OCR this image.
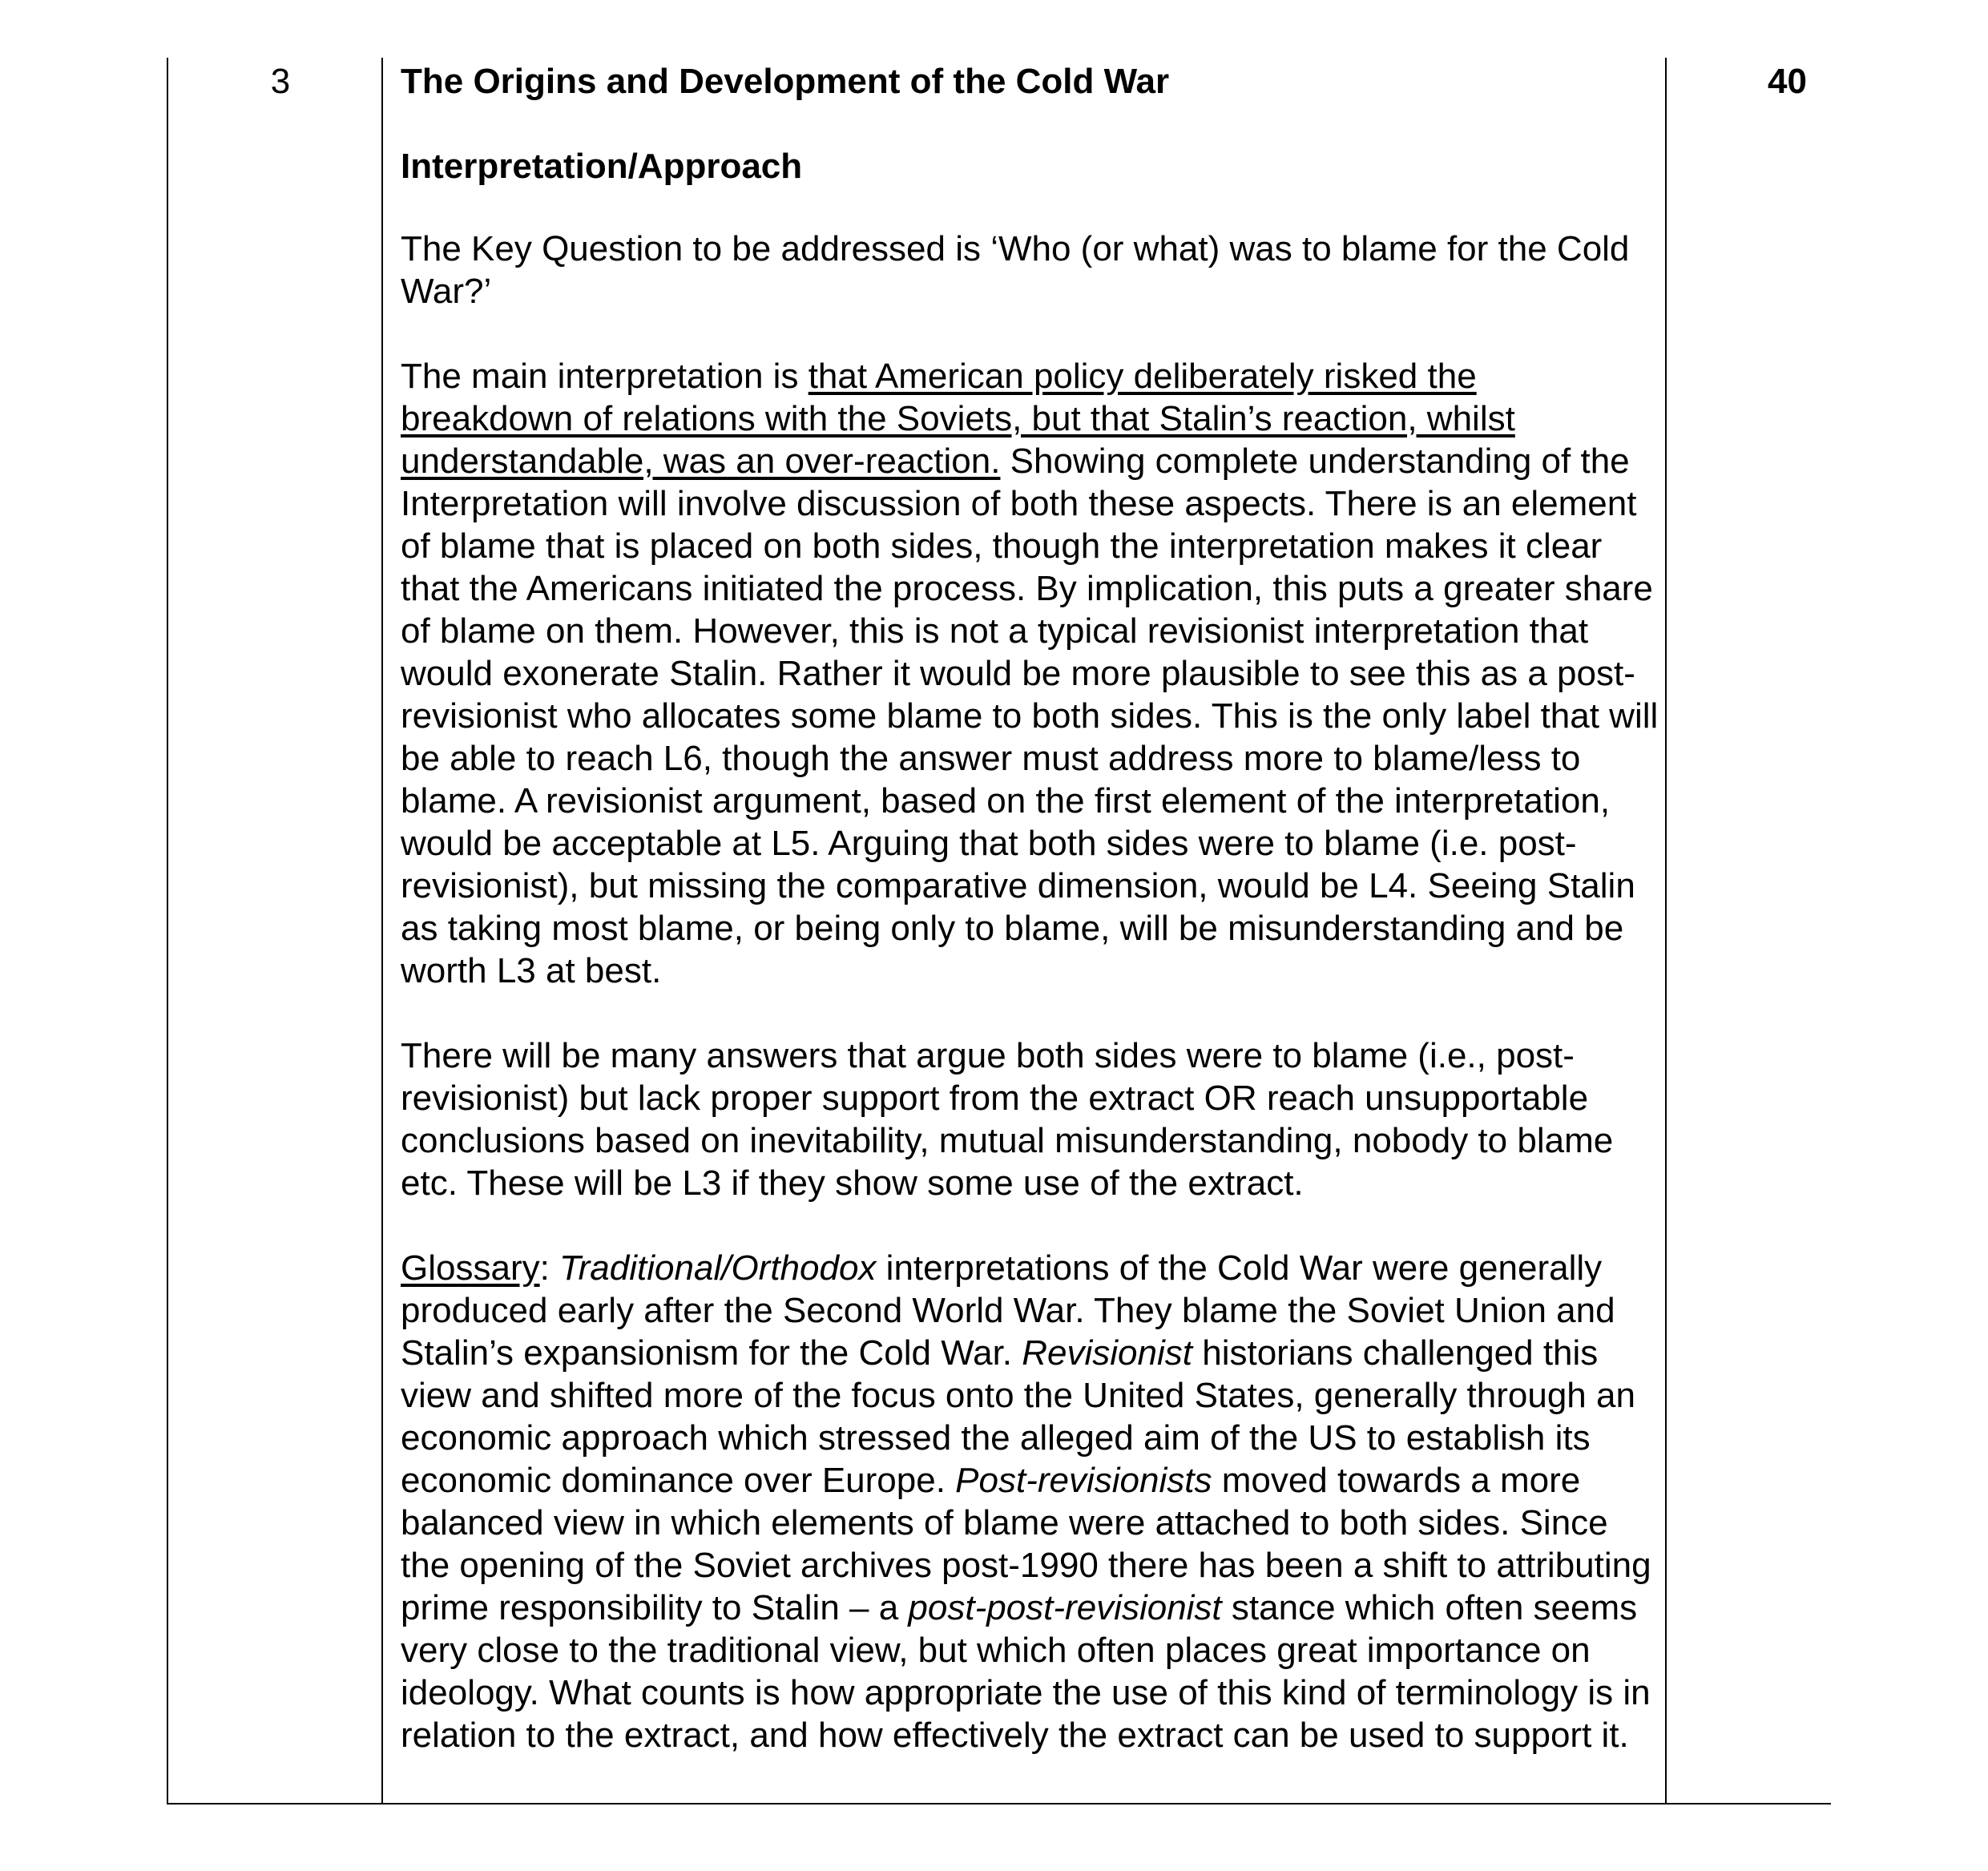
3	The Origins and Development of the Cold War
Interpretation/Approach

The Key Question to be addressed is ‘Who (or what) was to blame for the Cold War?’

The main interpretation is that American policy deliberately risked the breakdown of relations with the Soviets, but that Stalin’s reaction, whilst understandable, was an over-reaction. Showing complete understanding of the Interpretation will involve discussion of both these aspects. There is an element of blame that is placed on both sides, though the interpretation makes it clear that the Americans initiated the process. By implication, this puts a greater share of blame on them. However, this is not a typical revisionist interpretation that would exonerate Stalin. Rather it would be more plausible to see this as a post-revisionist who allocates some blame to both sides. This is the only label that will be able to reach L6, though the answer must address more to blame/less to blame. A revisionist argument, based on the first element of the interpretation, would be acceptable at L5. Arguing that both sides were to blame (i.e. post-revisionist), but missing the comparative dimension, would be L4. Seeing Stalin as taking most blame, or being only to blame, will be misunderstanding and be worth L3 at best.

There will be many answers that argue both sides were to blame (i.e., post-revisionist) but lack proper support from the extract OR reach unsupportable conclusions based on inevitability, mutual misunderstanding, nobody to blame etc. These will be L3 if they show some use of the extract.

Glossary: Traditional/Orthodox interpretations of the Cold War were generally produced early after the Second World War. They blame the Soviet Union and Stalin’s expansionism for the Cold War. Revisionist historians challenged this view and shifted more of the focus onto the United States, generally through an economic approach which stressed the alleged aim of the US to establish its economic dominance over Europe. Post-revisionists moved towards a more balanced view in which elements of blame were attached to both sides. Since the opening of the Soviet archives post-1990 there has been a shift to attributing prime responsibility to Stalin – a post-post-revisionist stance which often seems very close to the traditional view, but which often places great importance on ideology. What counts is how appropriate the use of this kind of terminology is in relation to the extract, and how effectively the extract can be used to support it.

40
